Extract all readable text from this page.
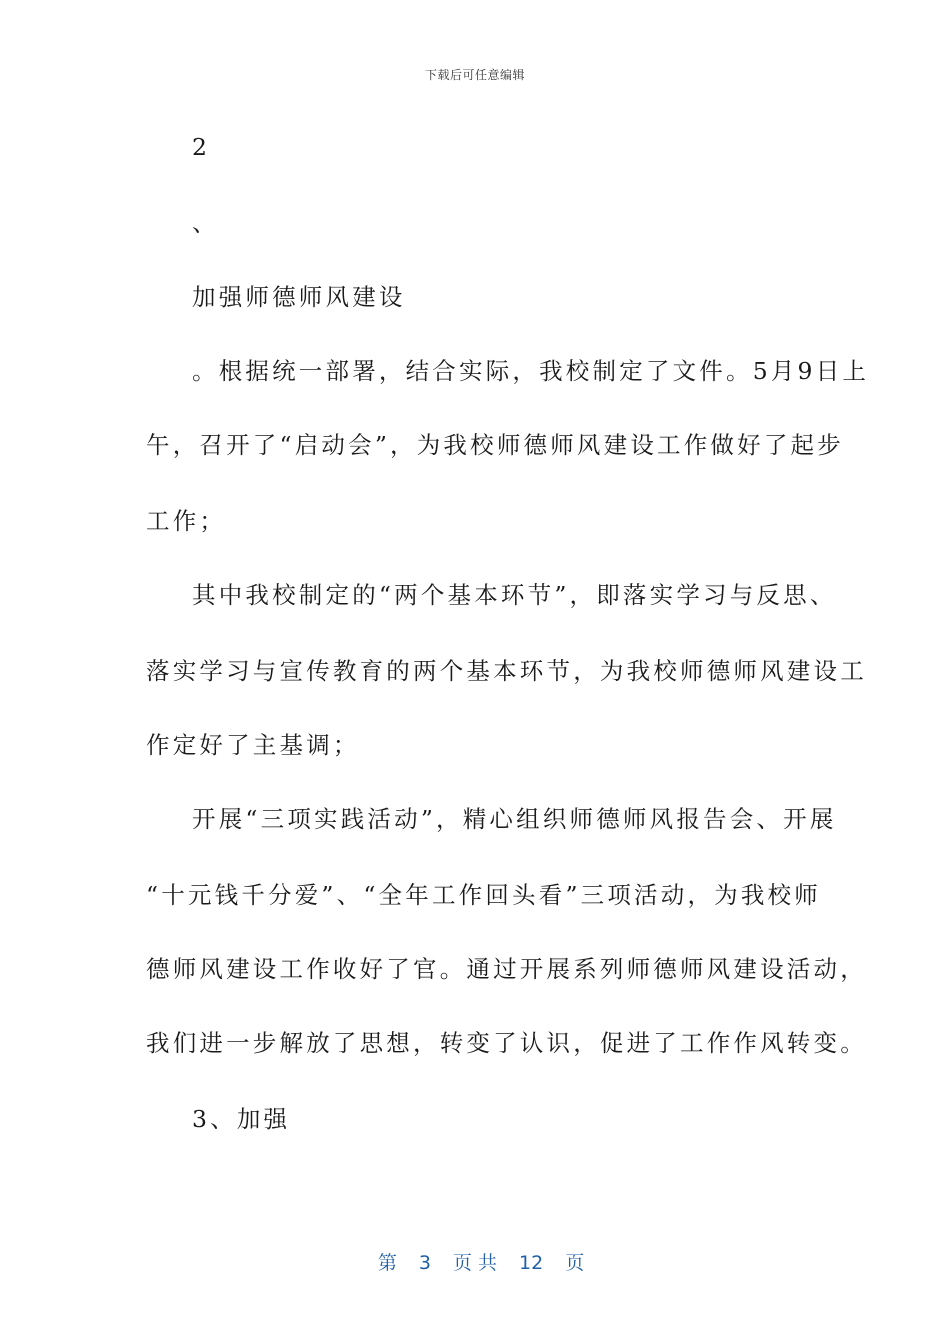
下载后可任意编辑
2
、
加强师德师风建设
。根据统一部署，结合实际，我校制定了文件。5月9日上
午，召开了“启动会”，为我校师德师风建设工作做好了起步
工作；
其中我校制定的“两个基本环节”，即落实学习与反思、
落实学习与宣传教育的两个基本环节，为我校师德师风建设工
作定好了主基调；
开展“三项实践活动”，精心组织师德师风报告会、开展
“十元钱千分爱”、“全年工作回头看”三项活动，为我校师
德师风建设工作收好了官。通过开展系列师德师风建设活动，
我们进一步解放了思想，转变了认识，促进了工作作风转变。
3、加强

第 3 页 共 12 页
